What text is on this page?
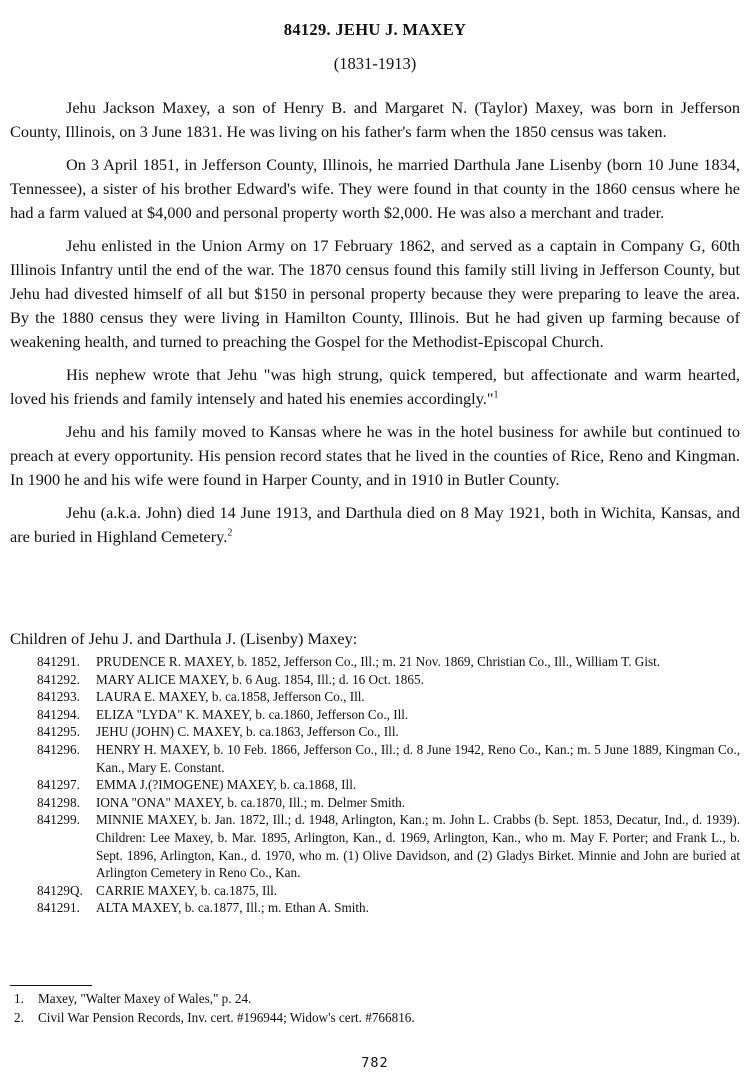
84129. JEHU J. MAXEY
(1831-1913)

Jehu Jackson Maxey, a son of Henry B. and Margaret N. (Taylor) Maxey, was born in Jefferson County, Illinois, on 3 June 1831. He was living on his father's farm when the 1850 census was taken.

On 3 April 1851, in Jefferson County, Illinois, he married Darthula Jane Lisenby (born 10 June 1834, Tennessee), a sister of his brother Edward's wife. They were found in that county in the 1860 census where he had a farm valued at $4,000 and personal property worth $2,000. He was also a merchant and trader.

Jehu enlisted in the Union Army on 17 February 1862, and served as a captain in Company G, 60th Illinois Infantry until the end of the war. The 1870 census found this family still living in Jefferson County, but Jehu had divested himself of all but $150 in personal property because they were preparing to leave the area. By the 1880 census they were living in Hamilton County, Illinois. But he had given up farming because of weakening health, and turned to preaching the Gospel for the Methodist-Episcopal Church.

His nephew wrote that Jehu "was high strung, quick tempered, but affectionate and warm hearted, loved his friends and family intensely and hated his enemies accordingly."$^1$

Jehu and his family moved to Kansas where he was in the hotel business for awhile but continued to preach at every opportunity. His pension record states that he lived in the counties of Rice, Reno and Kingman. In 1900 he and his wife were found in Harper County, and in 1910 in Butler County.

Jehu (a.k.a. John) died 14 June 1913, and Darthula died on 8 May 1921, both in Wichita, Kansas, and are buried in Highland Cemetery.$^2$

Children of Jehu J. and Darthula J. (Lisenby) Maxey:
841291.	PRUDENCE R. MAXEY, b. 1852, Jefferson Co., Ill.; m. 21 Nov. 1869, Christian Co., Ill., William T. Gist.
841292.	MARY ALICE MAXEY, b. 6 Aug. 1854, Ill.; d. 16 Oct. 1865.
841293.	LAURA E. MAXEY, b. ca.1858, Jefferson Co., Ill.
841294.	ELIZA "LYDA" K. MAXEY, b. ca.1860, Jefferson Co., Ill.
841295.	JEHU (JOHN) C. MAXEY, b. ca.1863, Jefferson Co., Ill.
841296.	HENRY H. MAXEY, b. 10 Feb. 1866, Jefferson Co., Ill.; d. 8 June 1942, Reno Co., Kan.; m. 5 June 1889, Kingman Co., Kan., Mary E. Constant.
841297.	EMMA J.(?IMOGENE) MAXEY, b. ca.1868, Ill.
841298.	IONA "ONA" MAXEY, b. ca.1870, Ill.; m. Delmer Smith.
841299.	MINNIE MAXEY, b. Jan. 1872, Ill.; d. 1948, Arlington, Kan.; m. John L. Crabbs (b. Sept. 1853, Decatur, Ind., d. 1939). Children: Lee Maxey, b. Mar. 1895, Arlington, Kan., d. 1969, Arlington, Kan., who m. May F. Porter; and Frank L., b. Sept. 1896, Arlington, Kan., d. 1970, who m. (1) Olive Davidson, and (2) Gladys Birket. Minnie and John are buried at Arlington Cemetery in Reno Co., Kan.
84129Q.	CARRIE MAXEY, b. ca.1875, Ill.
841291.	ALTA MAXEY, b. ca.1877, Ill.; m. Ethan A. Smith.
1.	Maxey, "Walter Maxey of Wales," p. 24.
2.	Civil War Pension Records, Inv. cert. #196944; Widow's cert. #766816.
782
